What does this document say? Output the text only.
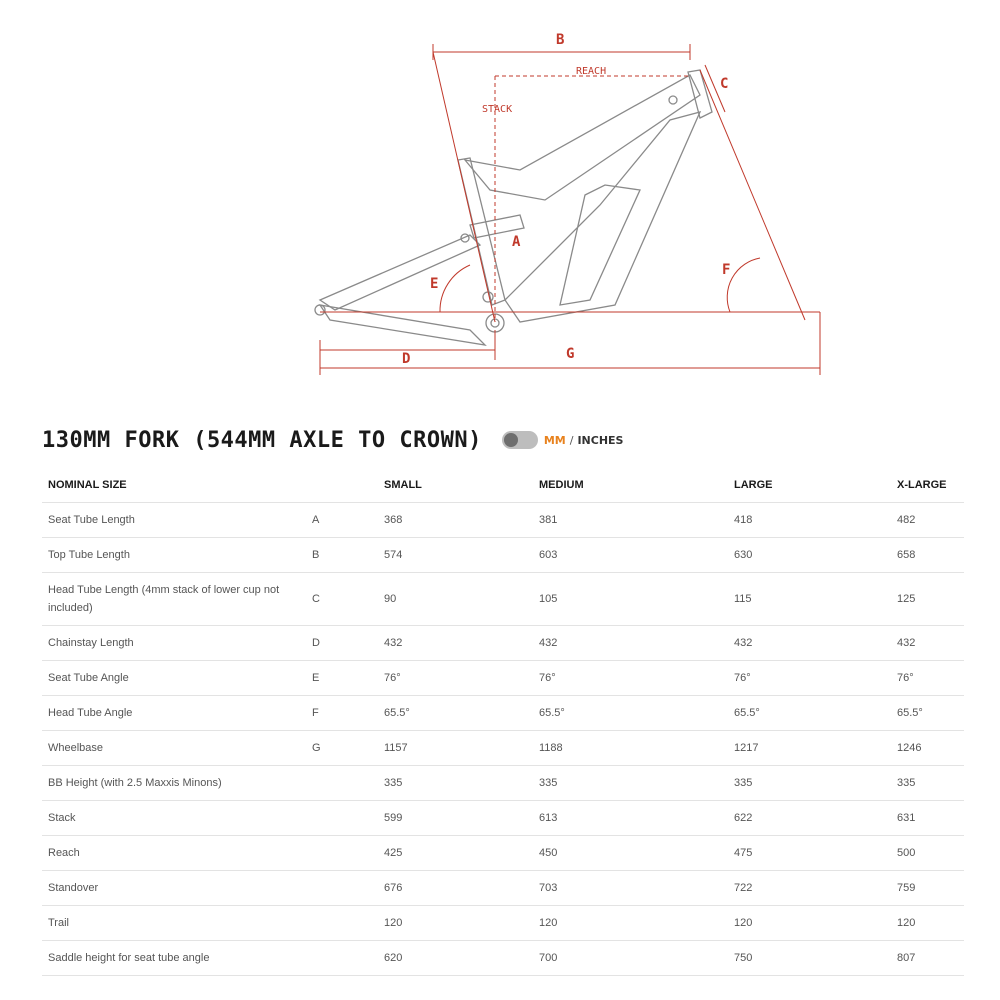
B
REACH
STACK
C
A
E
F
D	G
130MM FORK (544MM AXLE TO CROWN)	MM / INCHES
NOMINAL SIZE		SMALL	MEDIUM	LARGE	X-LARGE
Seat Tube Length	A	368	381	418	482
Top Tube Length	B	574	603	630	658
Head Tube Length (4mm stack of lower cup not included)	C	90	105	115	125
Chainstay Length	D	432	432	432	432
Seat Tube Angle	E	76°	76°	76°	76°
Head Tube Angle	F	65.5°	65.5°	65.5°	65.5°
Wheelbase	G	1157	1188	1217	1246
BB Height (with 2.5 Maxxis Minons)		335	335	335	335
Stack		599	613	622	631
Reach		425	450	475	500
Standover		676	703	722	759
Trail		120	120	120	120
Saddle height for seat tube angle		620	700	750	807
